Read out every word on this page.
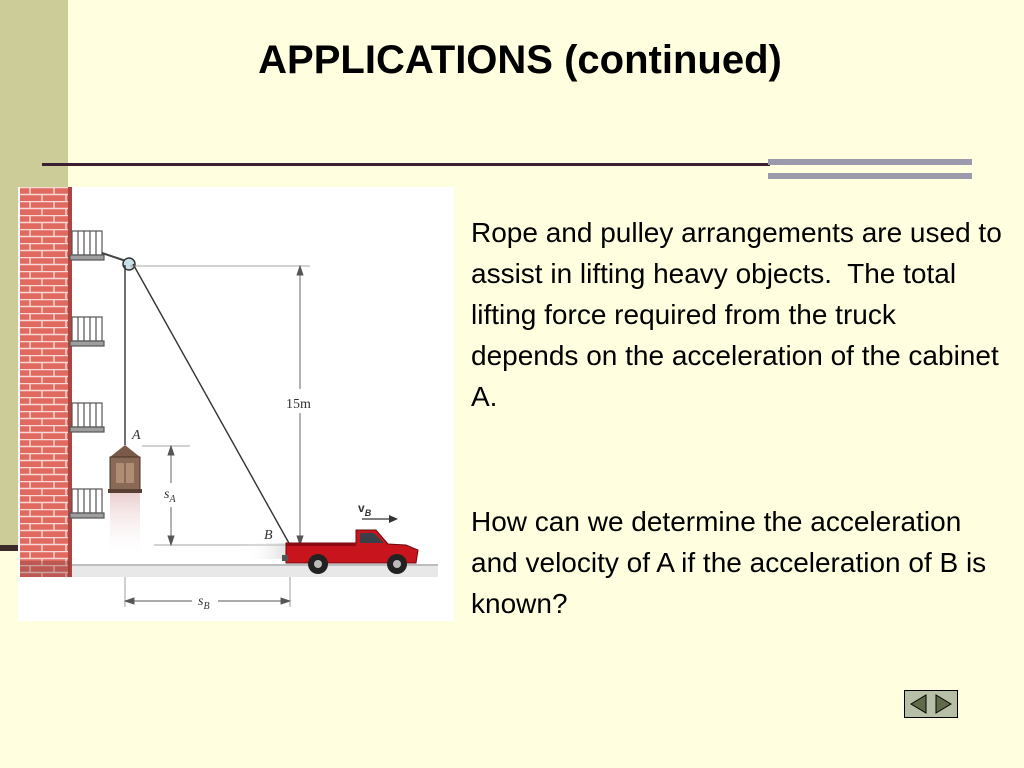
APPLICATIONS (continued)
15m
$s_A$
$s_B$
A
B
$v_B$

Rope and pulley arrangements are used to assist in lifting heavy objects.  The total lifting force required from the truck depends on the acceleration of the cabinet A.

How can we determine the acceleration and velocity of A if the acceleration of B is known?
